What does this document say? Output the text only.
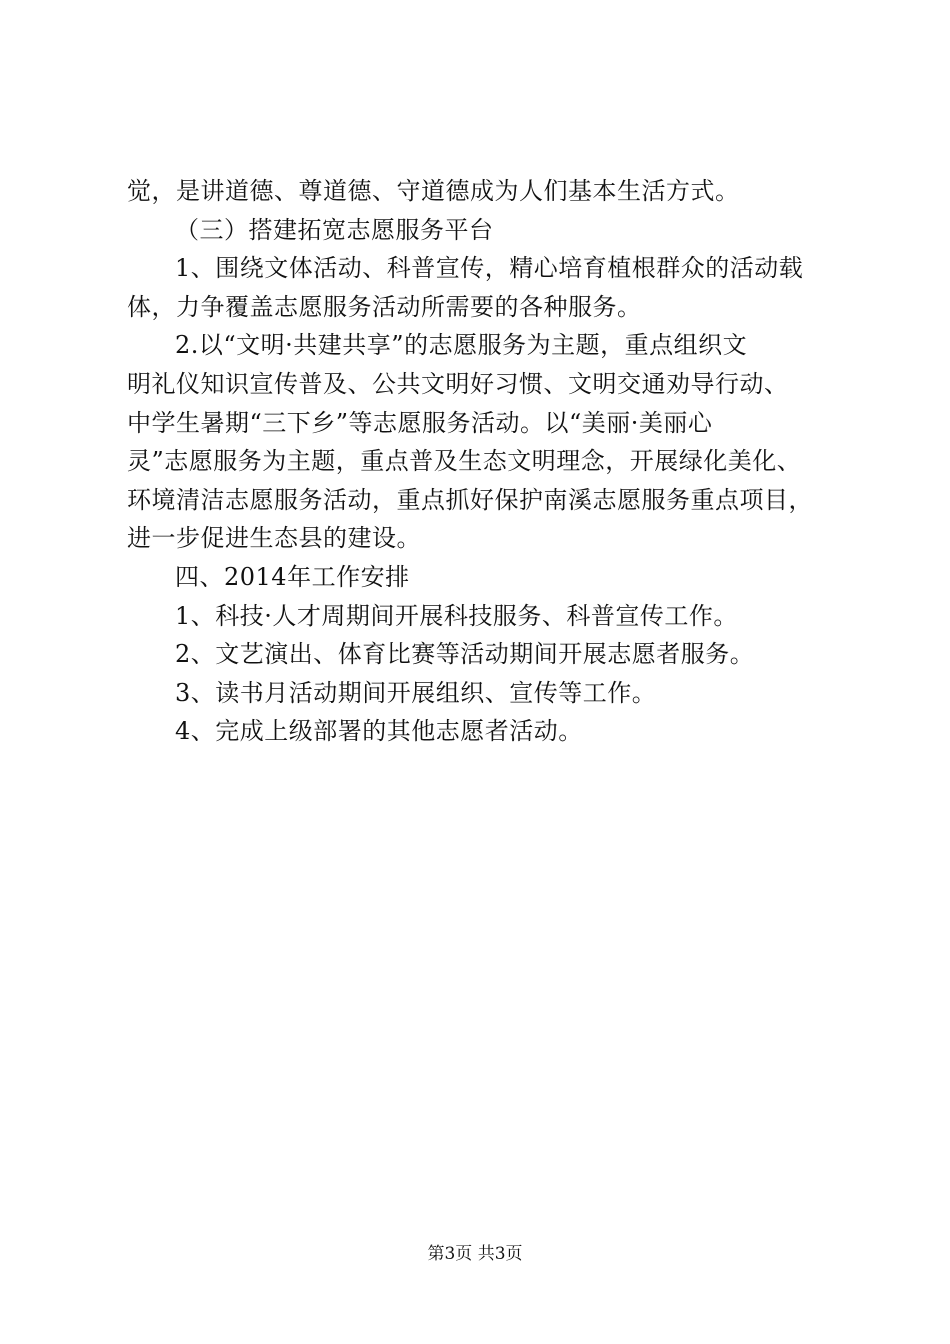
觉，是讲道德、尊道德、守道德成为人们基本生活方式。
（三）搭建拓宽志愿服务平台
1、围绕文体活动、科普宣传，精心培育植根群众的活动载
体，力争覆盖志愿服务活动所需要的各种服务。
2.以“文明·共建共享”的志愿服务为主题，重点组织文
明礼仪知识宣传普及、公共文明好习惯、文明交通劝导行动、
中学生暑期“三下乡”等志愿服务活动。以“美丽·美丽心
灵”志愿服务为主题，重点普及生态文明理念，开展绿化美化、
环境清洁志愿服务活动，重点抓好保护南溪志愿服务重点项目，
进一步促进生态县的建设。
四、2014年工作安排
1、科技·人才周期间开展科技服务、科普宣传工作。
2、文艺演出、体育比赛等活动期间开展志愿者服务。
3、读书月活动期间开展组织、宣传等工作。
4、完成上级部署的其他志愿者活动。
第3页 共3页
